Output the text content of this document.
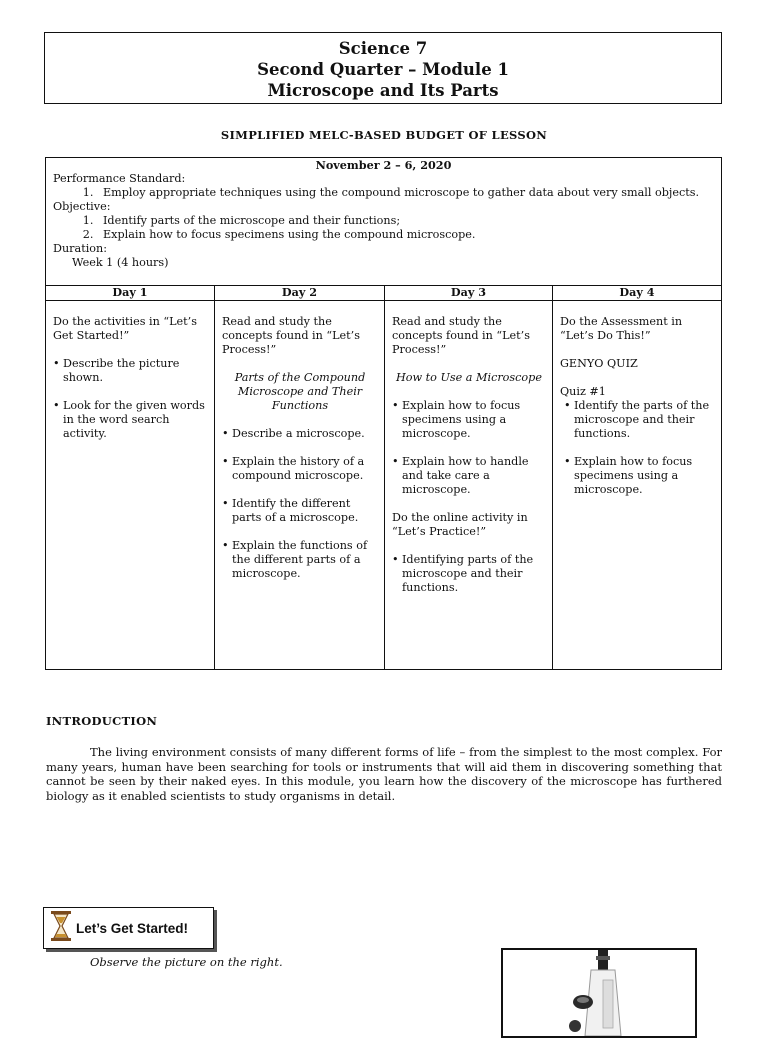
Science 7
Second Quarter – Module 1
Microscope and Its Parts
SIMPLIFIED MELC-BASED BUDGET OF LESSON
November 2 – 6, 2020
Performance Standard:
1. Employ appropriate techniques using the compound microscope to gather data about very small objects.
Objective:
1. Identify parts of the microscope and their functions;
2. Explain how to focus specimens using the compound microscope.
Duration:
Week 1 (4 hours)
Day 1

Do the activities in “Let’s Get Started!”

• Describe the picture shown.
• Look for the given words in the word search activity.
Day 2

Read and study the concepts found in “Let’s Process!”

Parts of the Compound Microscope and Their Functions
• Describe a microscope.
• Explain the history of a compound microscope.
• Identify the different parts of a microscope.
• Explain the functions of the different parts of a microscope.
Day 3

Read and study the concepts found in “Let’s Process!”

How to Use a Microscope
• Explain how to focus specimens using a microscope.
• Explain how to handle and take care a microscope.

Do the online activity in “Let’s Practice!”

• Identifying parts of the microscope and their functions.
Day 4

Do the Assessment in “Let’s Do This!”

GENYO QUIZ

Quiz #1

• Identify the parts of the microscope and their functions.
• Explain how to focus specimens using a microscope.
INTRODUCTION

The living environment consists of many different forms of life – from the simplest to the most complex. For many years, human have been searching for tools or instruments that will aid them in discovering something that cannot be seen by their naked eyes. In this module, you learn how the discovery of the microscope has furthered biology as it enabled scientists to study organisms in detail.

Let’s Get Started!
Observe the picture on the right.
